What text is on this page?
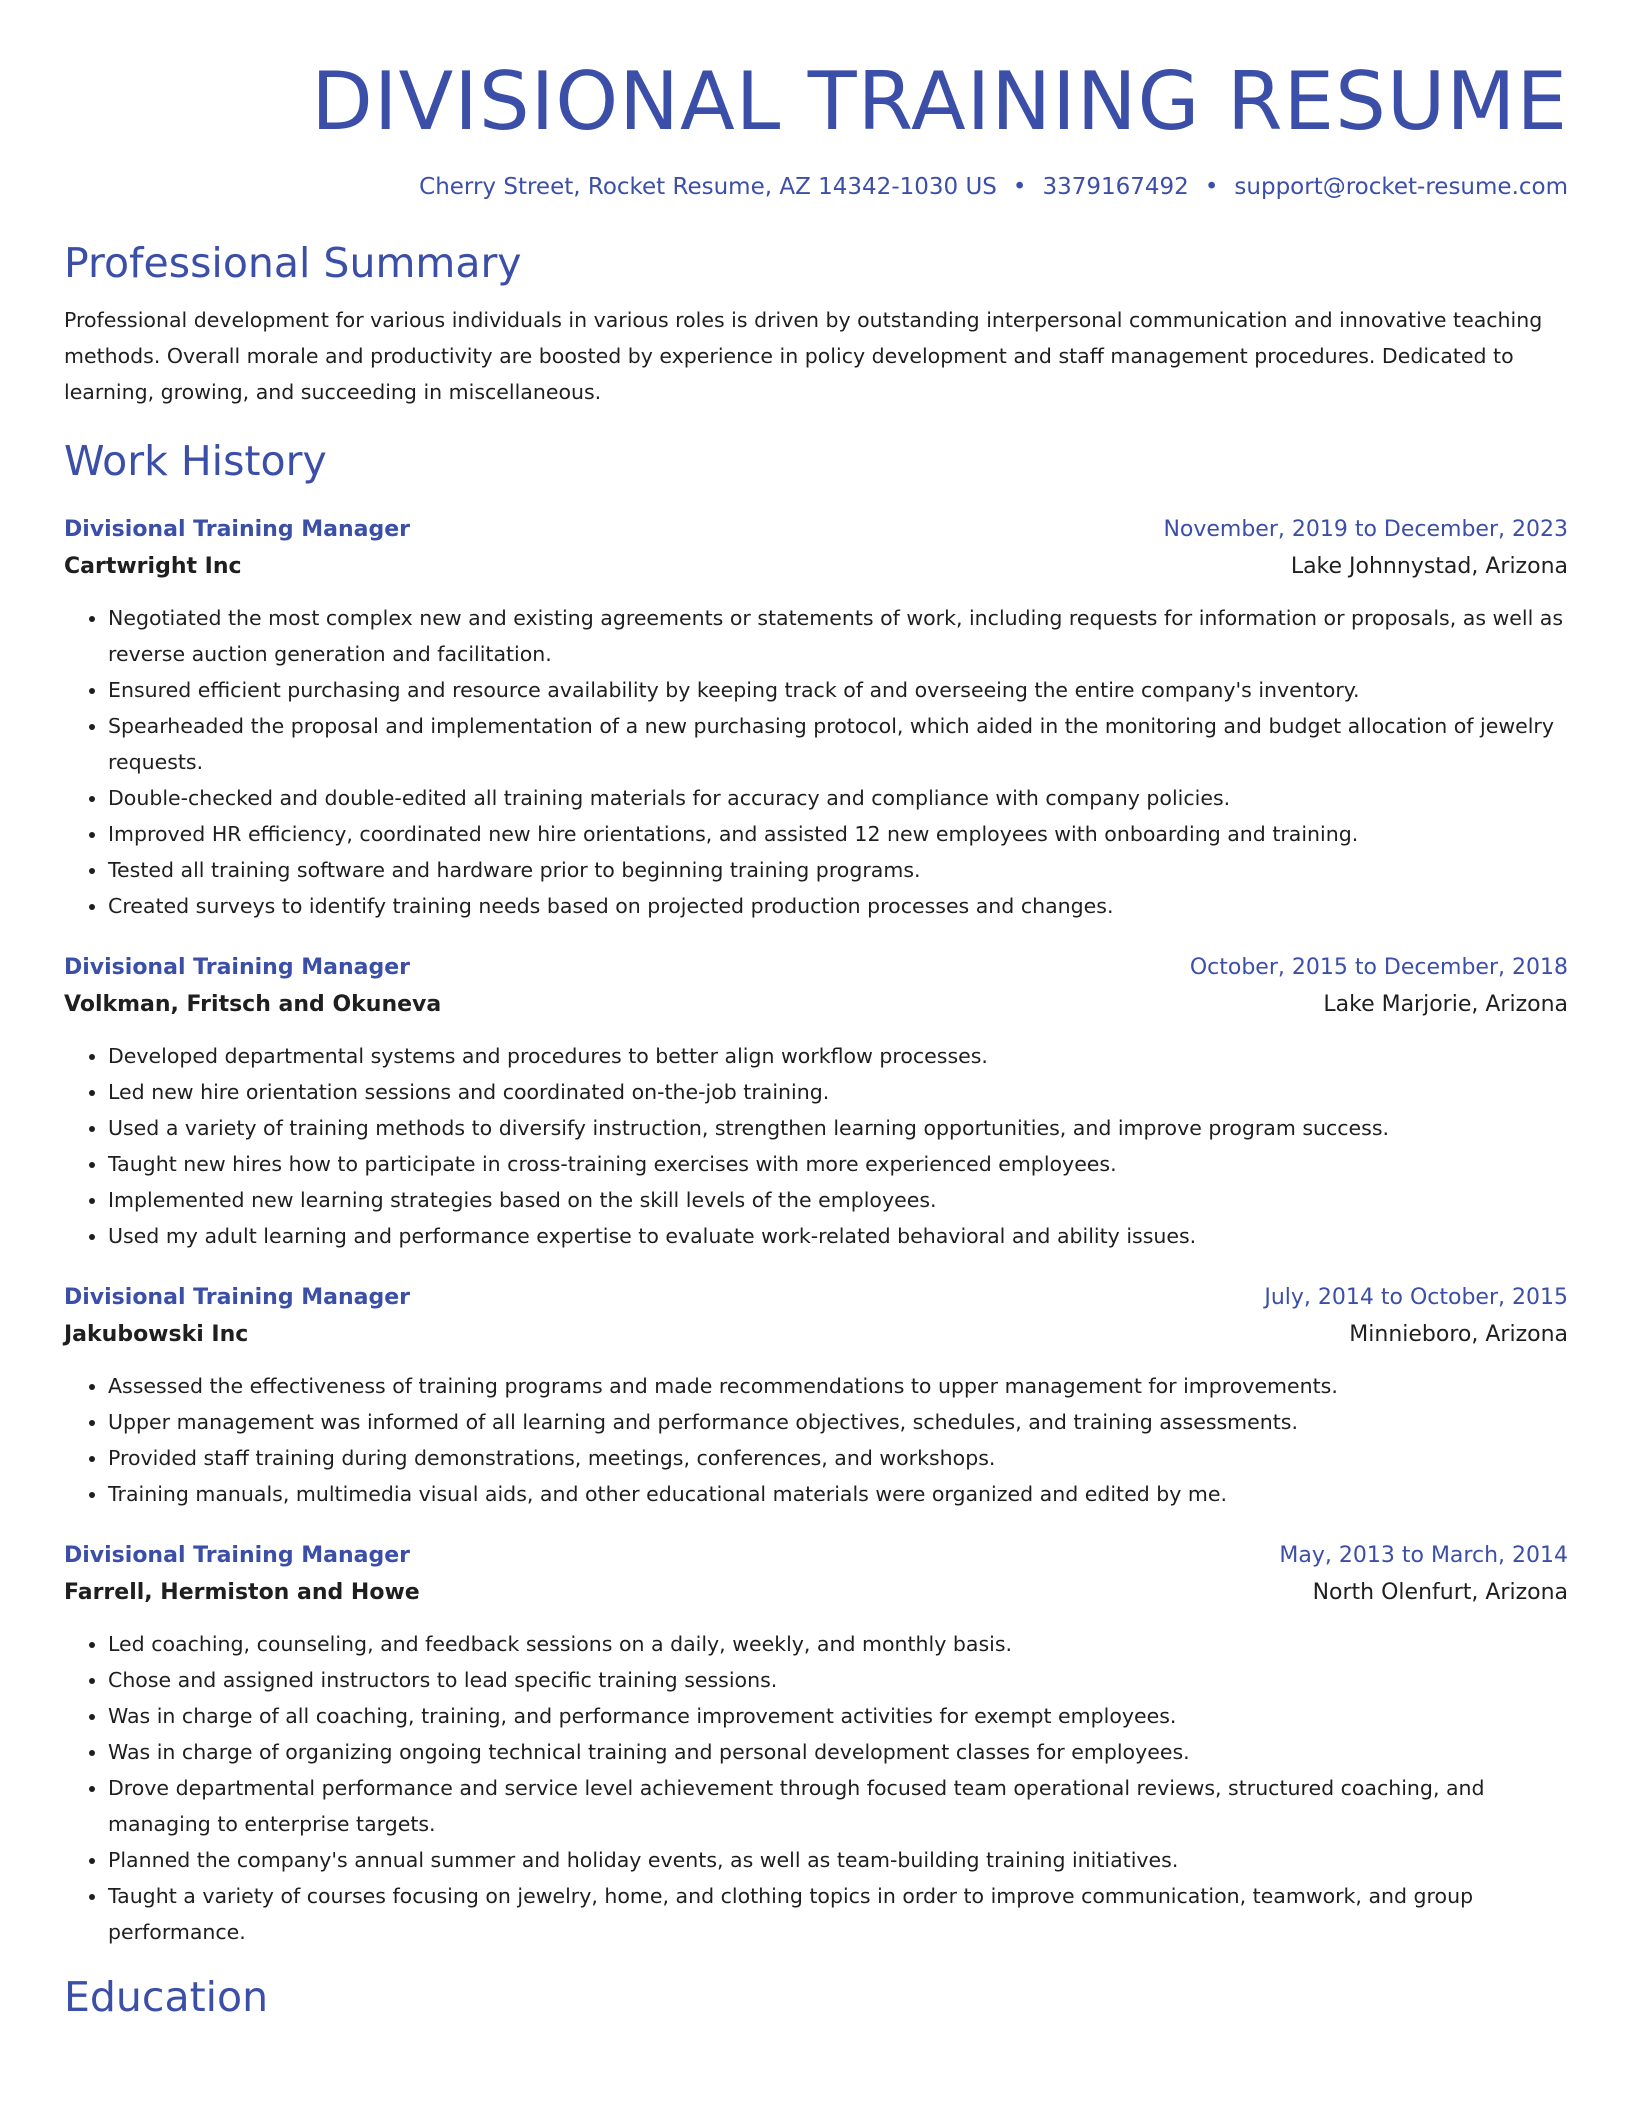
DIVISIONAL TRAINING RESUME
Cherry Street, Rocket Resume, AZ 14342-1030 US • 3379167492 • support@rocket-resume.com
Professional Summary
Professional development for various individuals in various roles is driven by outstanding interpersonal communication and innovative teaching methods. Overall morale and productivity are boosted by experience in policy development and staff management procedures. Dedicated to learning, growing, and succeeding in miscellaneous.
Work History
Divisional Training Manager	November, 2019 to December, 2023
Cartwright Inc	Lake Johnnystad, Arizona
• Negotiated the most complex new and existing agreements or statements of work, including requests for information or proposals, as well as reverse auction generation and facilitation.
• Ensured efficient purchasing and resource availability by keeping track of and overseeing the entire company's inventory.
• Spearheaded the proposal and implementation of a new purchasing protocol, which aided in the monitoring and budget allocation of jewelry requests.
• Double-checked and double-edited all training materials for accuracy and compliance with company policies.
• Improved HR efficiency, coordinated new hire orientations, and assisted 12 new employees with onboarding and training.
• Tested all training software and hardware prior to beginning training programs.
• Created surveys to identify training needs based on projected production processes and changes.
Divisional Training Manager	October, 2015 to December, 2018
Volkman, Fritsch and Okuneva	Lake Marjorie, Arizona
• Developed departmental systems and procedures to better align workflow processes.
• Led new hire orientation sessions and coordinated on-the-job training.
• Used a variety of training methods to diversify instruction, strengthen learning opportunities, and improve program success.
• Taught new hires how to participate in cross-training exercises with more experienced employees.
• Implemented new learning strategies based on the skill levels of the employees.
• Used my adult learning and performance expertise to evaluate work-related behavioral and ability issues.
Divisional Training Manager	July, 2014 to October, 2015
Jakubowski Inc	Minnieboro, Arizona
• Assessed the effectiveness of training programs and made recommendations to upper management for improvements.
• Upper management was informed of all learning and performance objectives, schedules, and training assessments.
• Provided staff training during demonstrations, meetings, conferences, and workshops.
• Training manuals, multimedia visual aids, and other educational materials were organized and edited by me.
Divisional Training Manager	May, 2013 to March, 2014
Farrell, Hermiston and Howe	North Olenfurt, Arizona
• Led coaching, counseling, and feedback sessions on a daily, weekly, and monthly basis.
• Chose and assigned instructors to lead specific training sessions.
• Was in charge of all coaching, training, and performance improvement activities for exempt employees.
• Was in charge of organizing ongoing technical training and personal development classes for employees.
• Drove departmental performance and service level achievement through focused team operational reviews, structured coaching, and managing to enterprise targets.
• Planned the company's annual summer and holiday events, as well as team-building training initiatives.
• Taught a variety of courses focusing on jewelry, home, and clothing topics in order to improve communication, teamwork, and group performance.
Education
